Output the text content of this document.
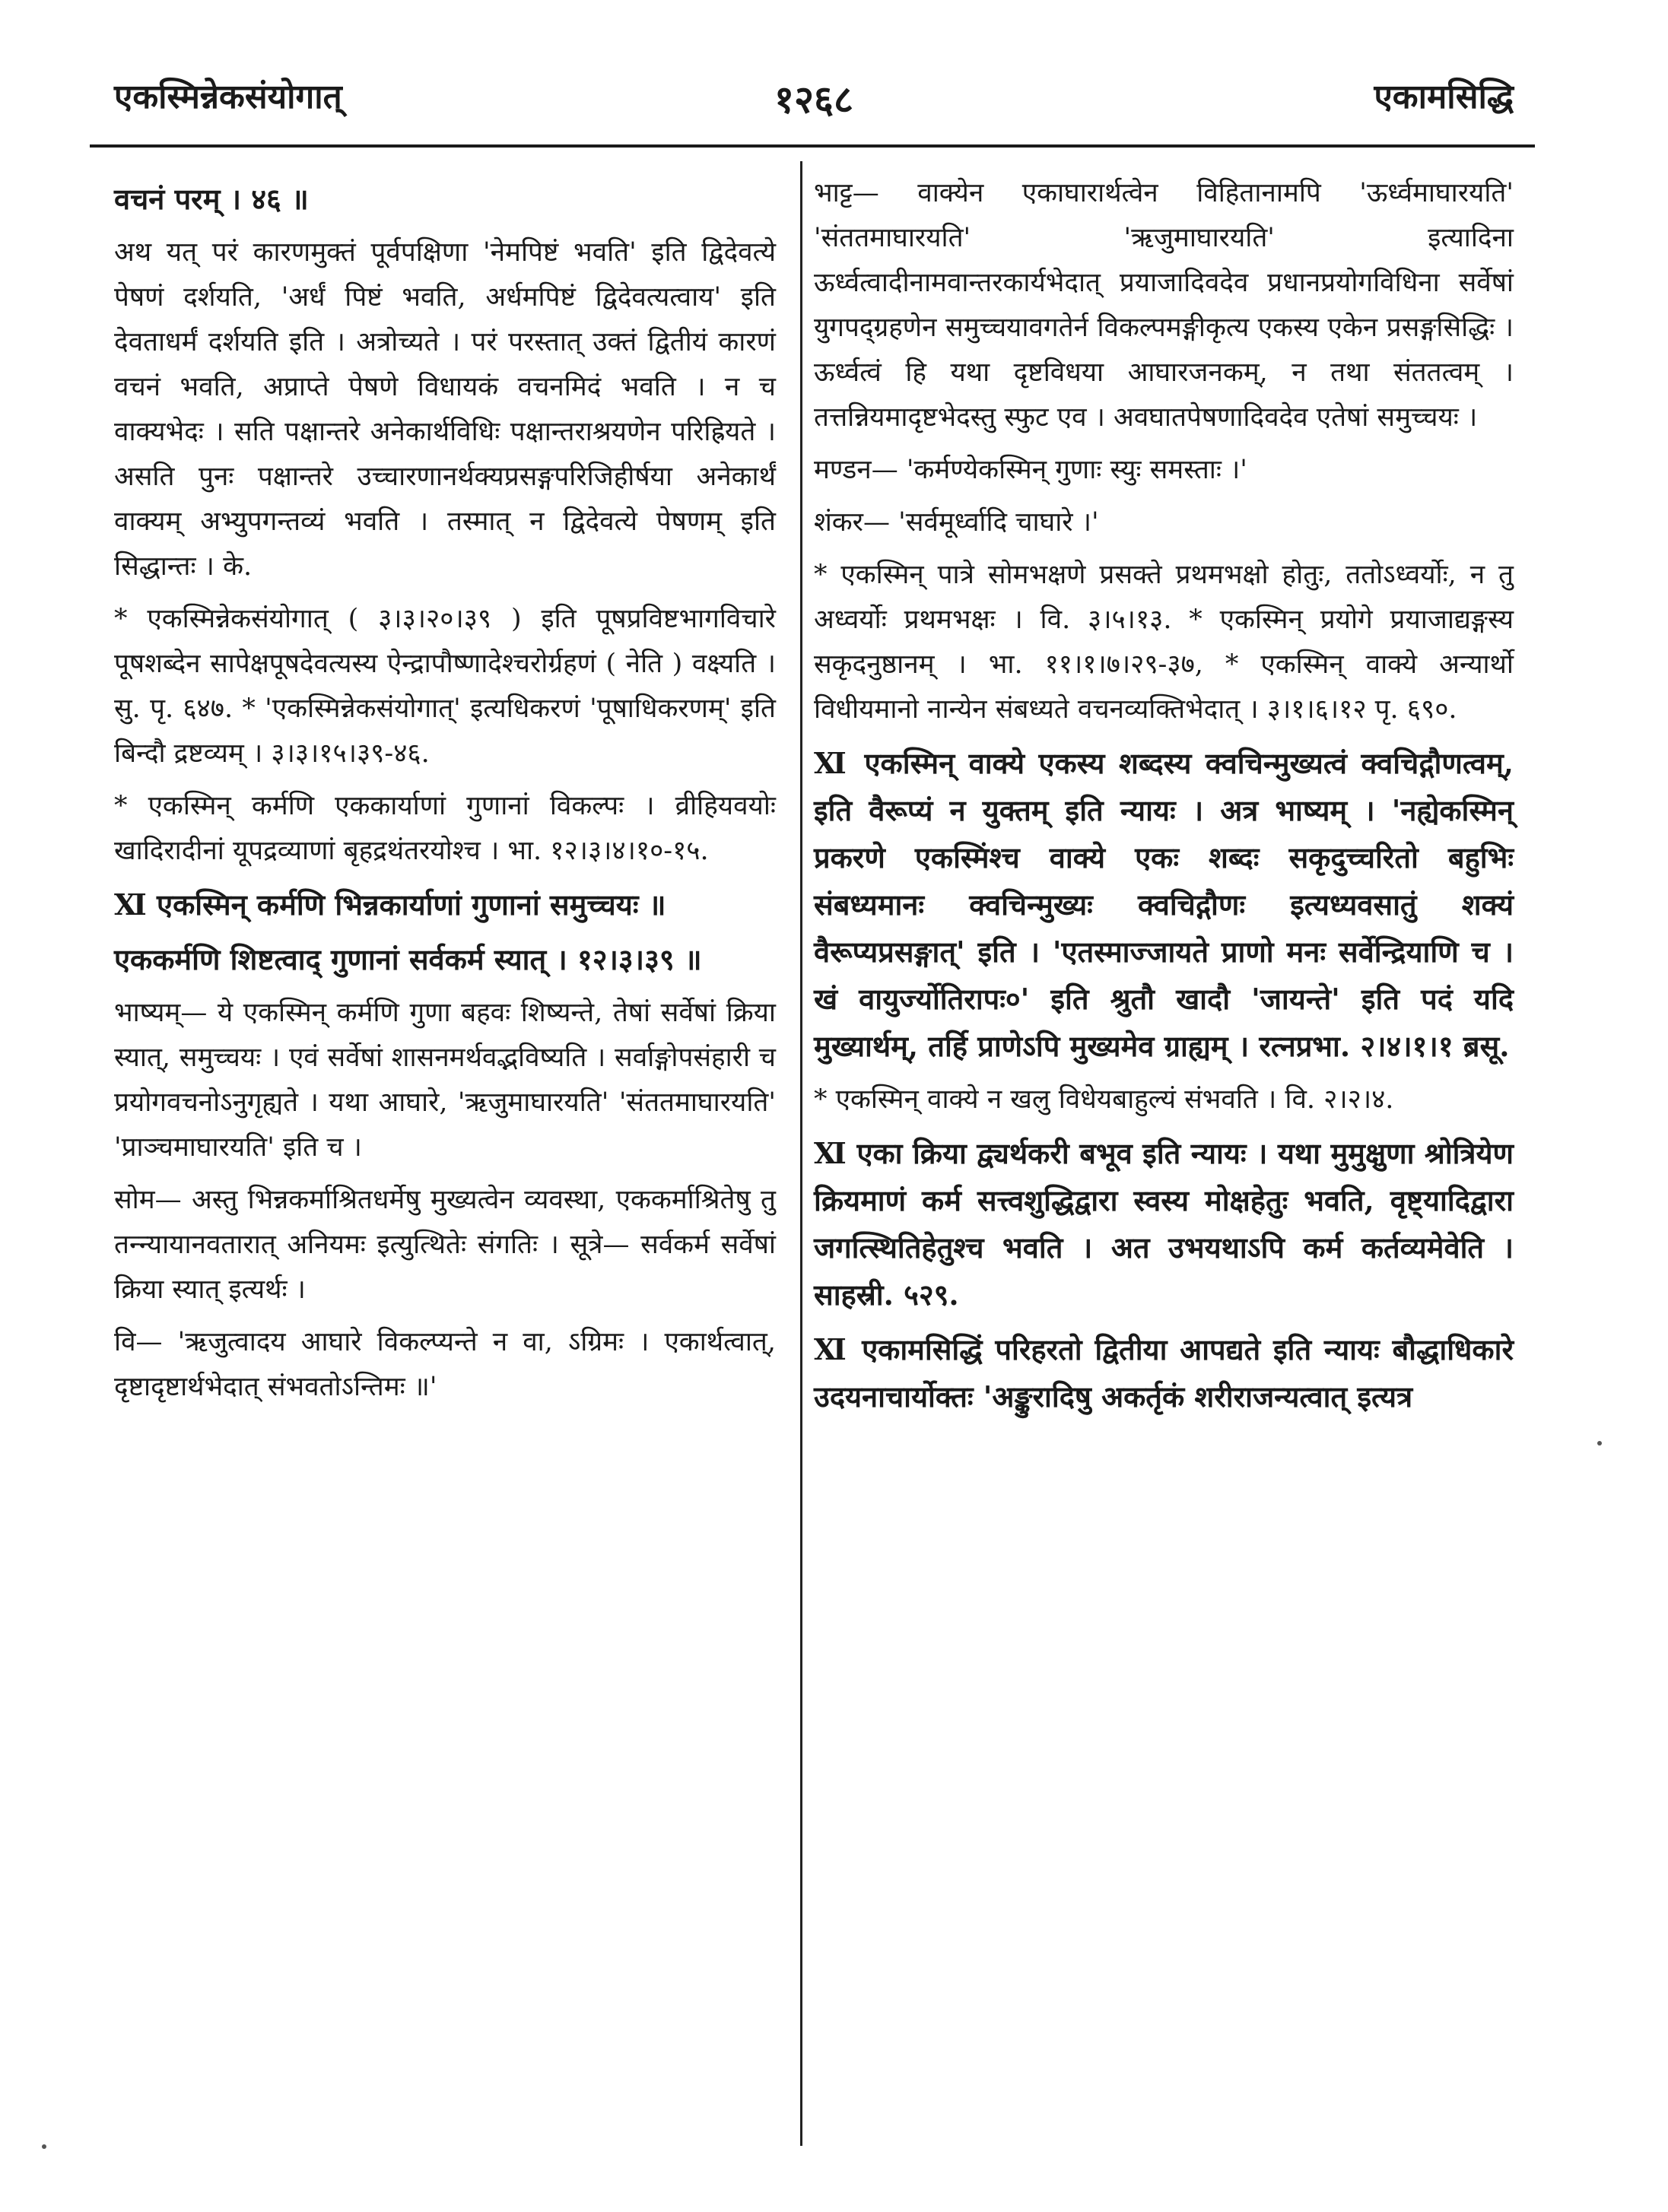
एकस्मिन्नेकसंयोगात्	१२६८	एकामसिद्धि

वचनं परम् । ४६ ॥

अथ यत् परं कारणमुक्तं पूर्वपक्षिणा 'नेमपिष्टं भवति' इति द्विदेवत्ये पेषणं दर्शयति, 'अर्धं पिष्टं भवति, अर्धमपिष्टं द्विदेवत्यत्वाय' इति देवताधर्मं दर्शयति इति । अत्रोच्यते । परं परस्तात् उक्तं द्वितीयं कारणं वचनं भवति, अप्राप्ते पेषणे विधायकं वचनमिदं भवति । न च वाक्यभेदः । सति पक्षान्तरे अनेकार्थविधिः पक्षान्तराश्रयणेन परिह्रियते । असति पुनः पक्षान्तरे उच्चारणानर्थक्यप्रसङ्गपरिजिहीर्षया अनेकार्थं वाक्यम् अभ्युपगन्तव्यं भवति । तस्मात् न द्विदेवत्ये पेषणम् इति सिद्धान्तः । के.

* एकस्मिन्नेकसंयोगात् ( ३।३।२०।३९ ) इति पूषप्रविष्टभागविचारे पूषशब्देन सापेक्षपूषदेवत्यस्य ऐन्द्रापौष्णादेश्चरोर्ग्रहणं ( नेति ) वक्ष्यति । सु. पृ. ६४७. * 'एकस्मिन्नेकसंयोगात्' इत्यधिकरणं 'पूषाधिकरणम्' इति बिन्दौ द्रष्टव्यम् । ३।३।१५।३९-४६.

* एकस्मिन् कर्मणि एककार्याणां गुणानां विकल्पः । व्रीहियवयोः खादिरादीनां यूपद्रव्याणां बृहद्रथंतरयोश्च । भा. १२।३।४।१०-१५.

Ⅺ एकस्मिन् कर्मणि भिन्नकार्याणां गुणानां समुच्चयः ॥

एककर्मणि शिष्टत्वाद् गुणानां सर्वकर्म स्यात् । १२।३।३९ ॥

भाष्यम्— ये एकस्मिन् कर्मणि गुणा बहवः शिष्यन्ते, तेषां सर्वेषां क्रिया स्यात्, समुच्चयः । एवं सर्वेषां शासनमर्थवद्भविष्यति । सर्वाङ्गोपसंहारी च प्रयोगवचनोऽनुगृह्यते । यथा आघारे, 'ऋजुमाघारयति' 'संततमाघारयति' 'प्राञ्चमाघारयति' इति च ।

सोम— अस्तु भिन्नकर्माश्रितधर्मेषु मुख्यत्वेन व्यवस्था, एककर्माश्रितेषु तु तन्न्यायानवतारात् अनियमः इत्युत्थितेः संगतिः । सूत्रे— सर्वकर्म सर्वेषां क्रिया स्यात् इत्यर्थः ।

वि— 'ऋजुत्वादय आघारे विकल्प्यन्ते न वा, ऽग्रिमः । एकार्थत्वात्, दृष्टादृष्टार्थभेदात् संभवतोऽन्तिमः ॥'

भाट्ट— वाक्येन एकाघारार्थत्वेन विहितानामपि 'ऊर्ध्वमाघारयति' 'संततमाघारयति' 'ऋजुमाघारयति' इत्यादिना ऊर्ध्वत्वादीनामवान्तरकार्यभेदात् प्रयाजादिवदेव प्रधानप्रयोगविधिना सर्वेषां युगपद्ग्रहणेन समुच्चयावगतेर्न विकल्पमङ्गीकृत्य एकस्य एकेन प्रसङ्गसिद्धिः । ऊर्ध्वत्वं हि यथा दृष्टविधया आघारजनकम्, न तथा संततत्वम् । तत्तन्नियमादृष्टभेदस्तु स्फुट एव । अवघातपेषणादिवदेव एतेषां समुच्चयः ।

मण्डन— 'कर्मण्येकस्मिन् गुणाः स्युः समस्ताः ।'

शंकर— 'सर्वमूर्ध्वादि चाघारे ।'

* एकस्मिन् पात्रे सोमभक्षणे प्रसक्ते प्रथमभक्षो होतुः, ततोऽध्वर्योः, न तु अध्वर्योः प्रथमभक्षः । वि. ३।५।१३. * एकस्मिन् प्रयोगे प्रयाजाद्यङ्गस्य सकृदनुष्ठानम् । भा. ११।१।७।२९-३७, * एकस्मिन् वाक्ये अन्यार्थो विधीयमानो नान्येन संबध्यते वचनव्यक्तिभेदात् । ३।१।६।१२ पृ. ६९०.

Ⅺ एकस्मिन् वाक्ये एकस्य शब्दस्य क्वचिन्मुख्यत्वं क्वचिद्गौणत्वम्, इति वैरूप्यं न युक्तम् इति न्यायः । अत्र भाष्यम् । 'नह्येकस्मिन् प्रकरणे एकस्मिंश्च वाक्ये एकः शब्दः सकृदुच्चरितो बहुभिः संबध्यमानः क्वचिन्मुख्यः क्वचिद्गौणः इत्यध्यवसातुं शक्यं वैरूप्यप्रसङ्गात्' इति । 'एतस्माज्जायते प्राणो मनः सर्वेन्द्रियाणि च । खं वायुर्ज्योतिरापः०' इति श्रुतौ खादौ 'जायन्ते' इति पदं यदि मुख्यार्थम्, तर्हि प्राणेऽपि मुख्यमेव ग्राह्यम् । रत्नप्रभा. २।४।१।१ ब्रसू.

* एकस्मिन् वाक्ये न खलु विधेयबाहुल्यं संभवति । वि. २।२।४.

Ⅺ एका क्रिया द्व्यर्थकरी बभूव इति न्यायः । यथा मुमुक्षुणा श्रोत्रियेण क्रियमाणं कर्म सत्त्वशुद्धिद्वारा स्वस्य मोक्षहेतुः भवति, वृष्ट्यादिद्वारा जगत्स्थितिहेतुश्च भवति । अत उभयथाऽपि कर्म कर्तव्यमेवेति । साहस्री. ५२९.

Ⅺ एकामसिद्धिं परिहरतो द्वितीया आपद्यते इति न्यायः बौद्धाधिकारे उदयनाचार्योक्तः 'अङ्कुरादिषु अकर्तृकं शरीराजन्यत्वात् इत्यत्र
